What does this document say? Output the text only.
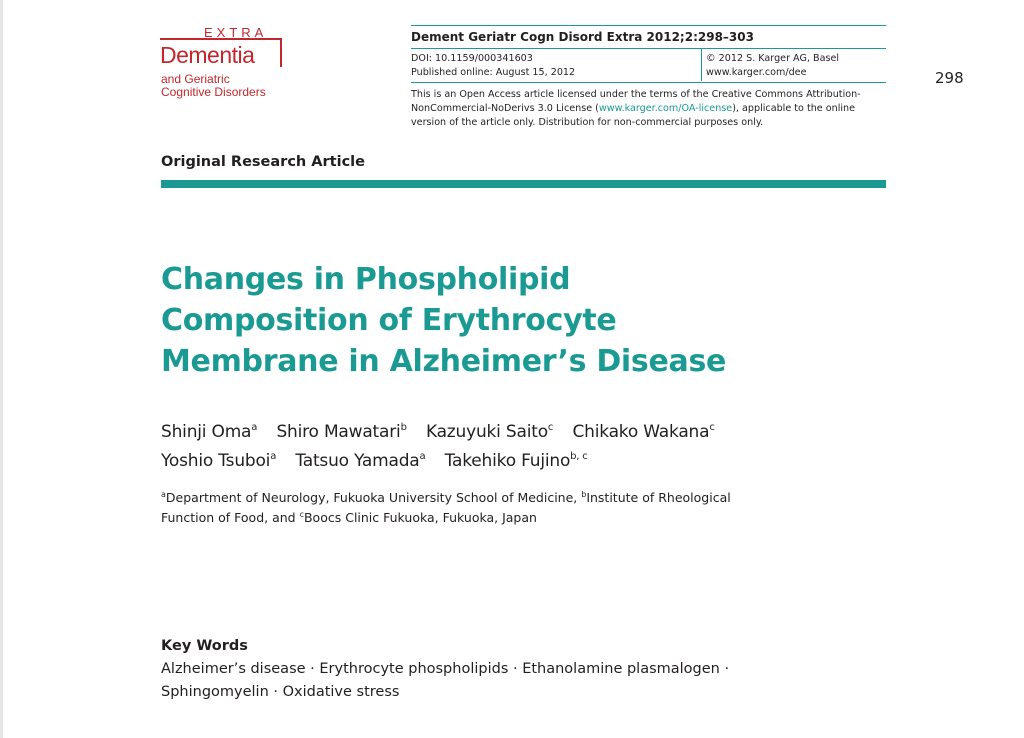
EXTRA
Dementia
and Geriatric
Cognitive Disorders
Dement Geriatr Cogn Disord Extra 2012;2:298–303
DOI: 10.1159/000341603
Published online: August 15, 2012
© 2012 S. Karger AG, Basel
www.karger.com/dee
This is an Open Access article licensed under the terms of the Creative Commons Attribution-
NonCommercial-NoDerivs 3.0 License (www.karger.com/OA-license), applicable to the online
version of the article only. Distribution for non-commercial purposes only.
298
Original Research Article
Changes in Phospholipid
Composition of Erythrocyte
Membrane in Alzheimer’s Disease
Shinji Oma$^a$ Shiro Mawatari$^b$ Kazuyuki Saito$^c$ Chikako Wakana$^c$
Yoshio Tsuboi$^a$ Tatsuo Yamada$^a$ Takehiko Fujino$^{b, c}$
$^a$Department of Neurology, Fukuoka University School of Medicine, $^b$Institute of Rheological
Function of Food, and $^c$Boocs Clinic Fukuoka, Fukuoka, Japan
Key Words
Alzheimer’s disease · Erythrocyte phospholipids · Ethanolamine plasmalogen ·
Sphingomyelin · Oxidative stress
